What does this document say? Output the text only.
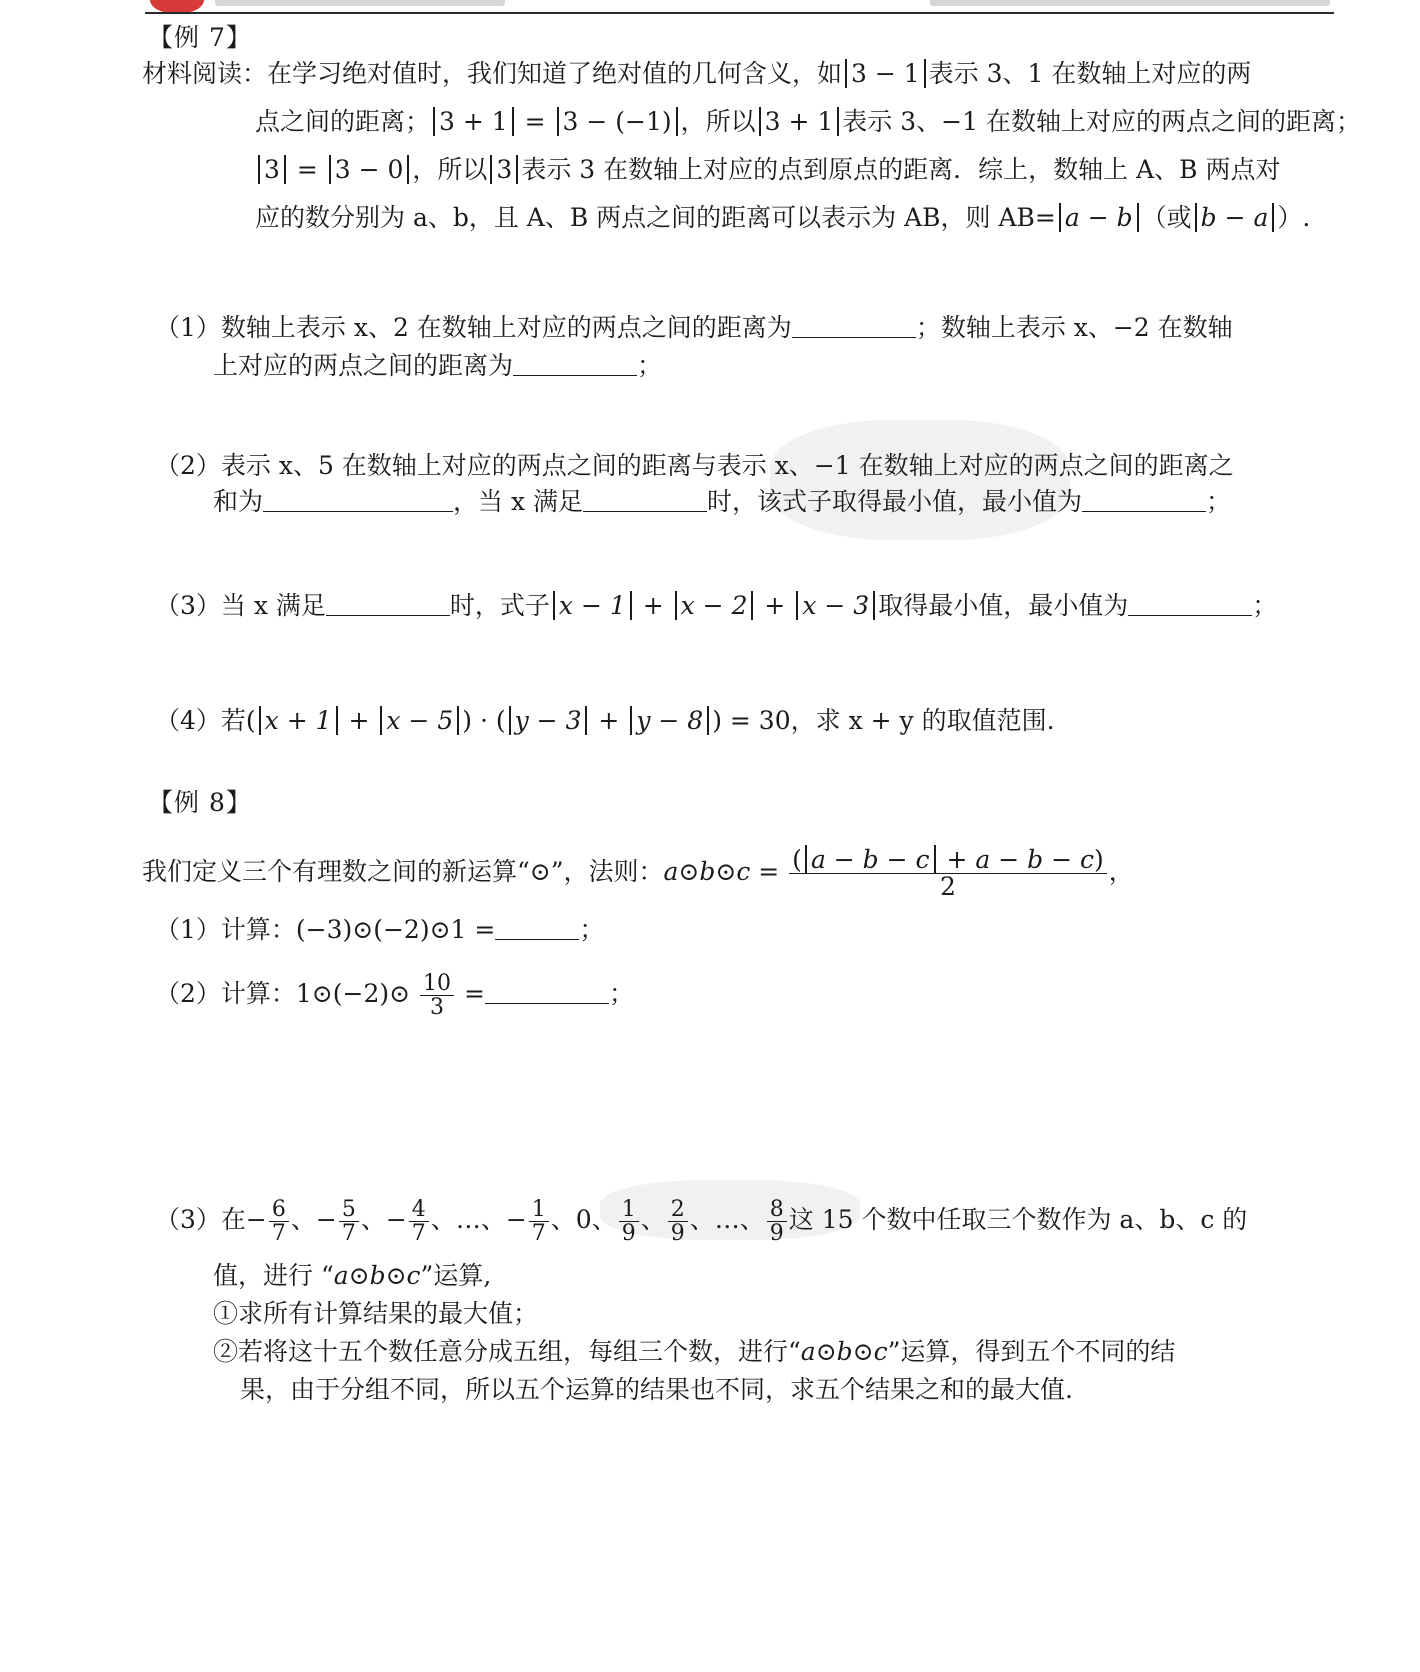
【例 7】
材料阅读：在学习绝对值时，我们知道了绝对值的几何含义，如 3 − 1 表示 3、1 在数轴上对应的两
点之间的距离； 3 + 1 = 3 − (−1) ，所以 3 + 1 表示 3、−1 在数轴上对应的两点之间的距离；
3 = 3 − 0 ，所以 3 表示 3 在数轴上对应的点到原点的距离．综上，数轴上 A、B 两点对
应的数分别为 a、b，且 A、B 两点之间的距离可以表示为 AB，则 AB= a − b （或 b − a ）.
（1）数轴上表示 x、2 在数轴上对应的两点之间的距离为	；数轴上表示 x、−2 在数轴
上对应的两点之间的距离为	；
（2）表示 x、5 在数轴上对应的两点之间的距离与表示 x、−1 在数轴上对应的两点之间的距离之
和为	，当 x 满足	时，该式子取得最小值，最小值为	；
（3）当 x 满足	时，式子 x − 1 + x − 2 + x − 3 取得最小值，最小值为	；
（4）若( x + 1 + x − 5 ) · ( y − 3 + y − 8 ) = 30，求 x + y 的取值范围.
【例 8】
我们定义三个有理数之间的新运算“⊙”，法则：a⊙b⊙c = $\frac{( a - b - c + a - b - c)}{2}$ ，
（1）计算：(−3)⊙(−2)⊙1 =	；
（2）计算：1⊙(−2)⊙ $\frac{10}{3}$ =	；
（3）在− $\frac{6}{7}$ 、− $\frac{5}{7}$ 、− $\frac{4}{7}$ 、…、− $\frac{1}{7}$ 、0、 $\frac{1}{9}$ 、 $\frac{2}{9}$ 、…、 $\frac{8}{9}$ 这 15 个数中任取三个数作为 a、b、c 的
值，进行 “a⊙b⊙c”运算,
①求所有计算结果的最大值；
②若将这十五个数任意分成五组，每组三个数，进行“a⊙b⊙c”运算，得到五个不同的结
果，由于分组不同，所以五个运算的结果也不同，求五个结果之和的最大值.
